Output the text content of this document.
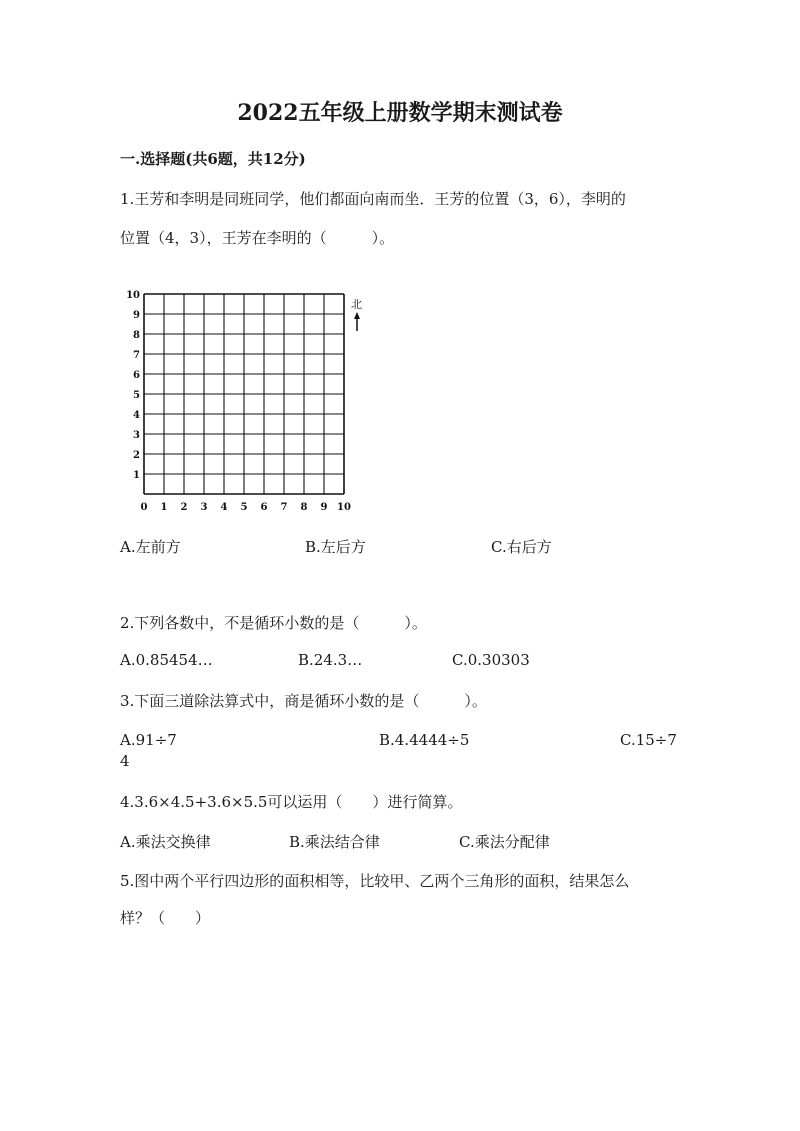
2022五年级上册数学期末测试卷
一.选择题(共6题，共12分)
1.王芳和李明是同班同学，他们都面向南而坐．王芳的位置（3，6），李明的
位置（4，3），王芳在李明的（　　　）。
10
9
8
7
6
5
4
3
2
1
0 1 2 3 4 5 6 7 8 9 10
北
A.左前方	B.左后方	C.右后方
2.下列各数中，不是循环小数的是（　　　）。
A.0.85454…	B.24.3…	C.0.30303
3.下面三道除法算式中，商是循环小数的是（　　　）。
A.91÷7	B.4.4444÷5	C.15÷7
4
4.3.6×4.5+3.6×5.5可以运用（　　）进行简算。
A.乘法交换律	B.乘法结合律	C.乘法分配律
5.图中两个平行四边形的面积相等，比较甲、乙两个三角形的面积，结果怎么
样？（　　）
